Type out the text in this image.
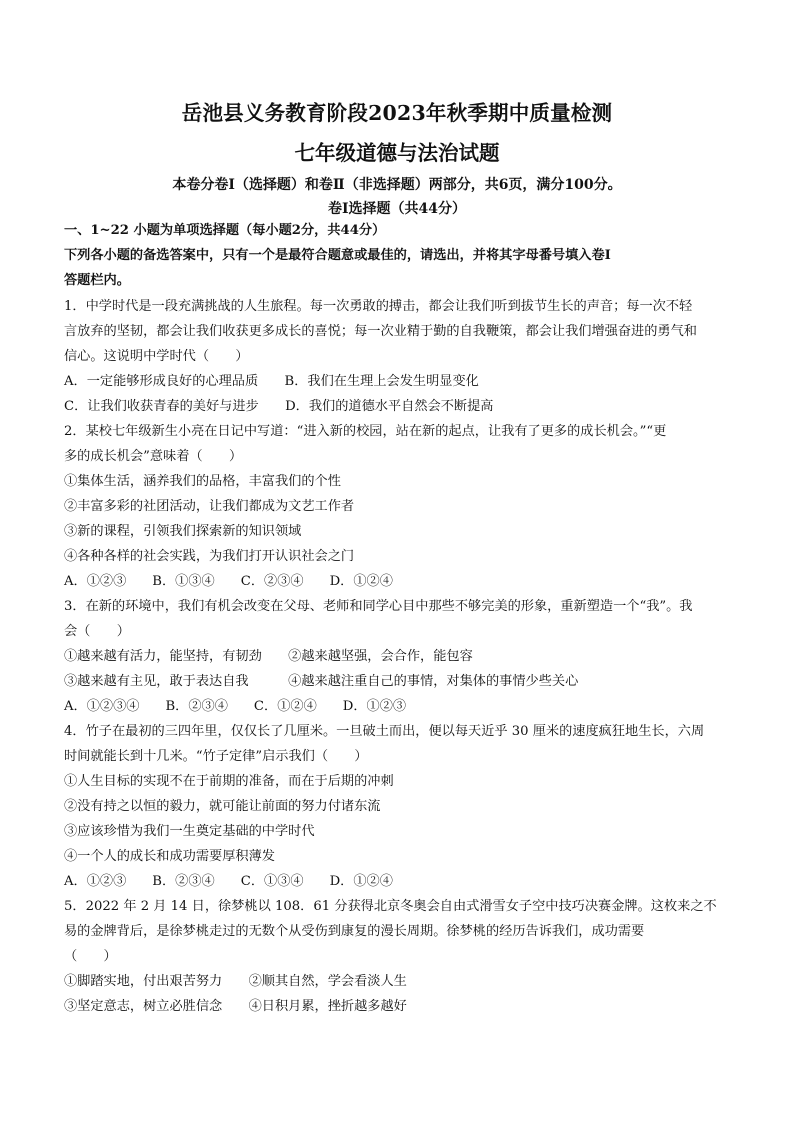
岳池县义务教育阶段2023年秋季期中质量检测
七年级道德与法治试题
本卷分卷Ⅰ（选择题）和卷Ⅱ（非选择题）两部分，共6页，满分100分。
卷Ⅰ选择题（共44分）
一、1~22 小题为单项选择题（每小题2分，共44分）
下列各小题的备选答案中，只有一个是最符合题意或最佳的，请选出，并将其字母番号填入卷Ⅰ
答题栏内。
1．中学时代是一段充满挑战的人生旅程。每一次勇敢的搏击，都会让我们听到拔节生长的声音；每一次不轻
言放弃的坚韧，都会让我们收获更多成长的喜悦；每一次业精于勤的自我鞭策，都会让我们增强奋进的勇气和
信心。这说明中学时代（　　）
A．一定能够形成良好的心理品质　　B．我们在生理上会发生明显变化
C．让我们收获青春的美好与进步　　D．我们的道德水平自然会不断提高
2．某校七年级新生小亮在日记中写道：“进入新的校园，站在新的起点，让我有了更多的成长机会。”“更
多的成长机会”意味着（　　）
①集体生活，涵养我们的品格，丰富我们的个性
②丰富多彩的社团活动，让我们都成为文艺工作者
③新的课程，引领我们探索新的知识领域
④各种各样的社会实践，为我们打开认识社会之门
A．①②③ B．①③④ C．②③④ D．①②④
3．在新的环境中，我们有机会改变在父母、老师和同学心目中那些不够完美的形象，重新塑造一个“我”。我
会（　　）
①越来越有活力，能坚持，有韧劲　　②越来越坚强，会合作，能包容
③越来越有主见，敢于表达自我　　　④越来越注重自己的事情，对集体的事情少些关心
A．①②③④ B．②③④ C．①②④ D．①②③
4．竹子在最初的三四年里，仅仅长了几厘米。一旦破土而出，便以每天近乎 30 厘米的速度疯狂地生长，六周
时间就能长到十几米。“竹子定律”启示我们（　　）
①人生目标的实现不在于前期的准备，而在于后期的冲刺
②没有持之以恒的毅力，就可能让前面的努力付诸东流
③应该珍惜为我们一生奠定基础的中学时代
④一个人的成长和成功需要厚积薄发
A．①②③ B．②③④ C．①③④ D．①②④
5．2022 年 2 月 14 日，徐梦桃以 108．61 分获得北京冬奥会自由式滑雪女子空中技巧决赛金牌。这枚来之不
易的金牌背后，是徐梦桃走过的无数个从受伤到康复的漫长周期。徐梦桃的经历告诉我们，成功需要
（　　）
①脚踏实地，付出艰苦努力　　②顺其自然，学会看淡人生
③坚定意志，树立必胜信念　　④日积月累，挫折越多越好
